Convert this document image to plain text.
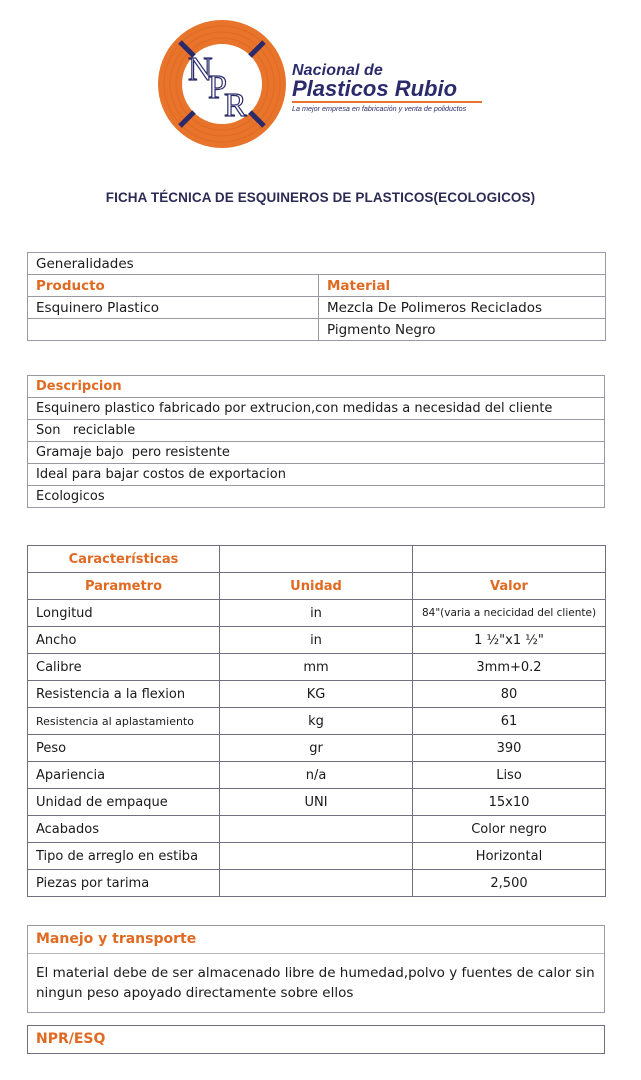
N
P
R
Nacional de
Plasticos Rubio
La mejor empresa en fabricación y venta de poliductos
FICHA TÉCNICA DE ESQUINEROS DE PLASTICOS(ECOLOGICOS)
Generalidades	
Producto	Material
Esquinero Plastico	Mezcla De Polimeros Reciclados
	Pigmento Negro
Descripcion
Esquinero plastico fabricado por extrucion,con medidas a necesidad del cliente
Son   reciclable
Gramaje bajo  pero resistente
Ideal para bajar costos de exportacion
Ecologicos
Características		
Parametro	Unidad	Valor
Longitud	in	84"(varia a necicidad del cliente)
Ancho	in	1 ½"x1 ½"
Calibre	mm	3mm+0.2
Resistencia a la flexion	KG	80
Resistencia al aplastamiento	kg	61
Peso	gr	390
Apariencia	n/a	Liso
Unidad de empaque	UNI	15x10
Acabados		Color negro
Tipo de arreglo en estiba		Horizontal
Piezas por tarima		2,500
Manejo y transporte
El material debe de ser almacenado libre de humedad,polvo y fuentes de calor sin ningun peso apoyado directamente sobre ellos
NPR/ESQ
